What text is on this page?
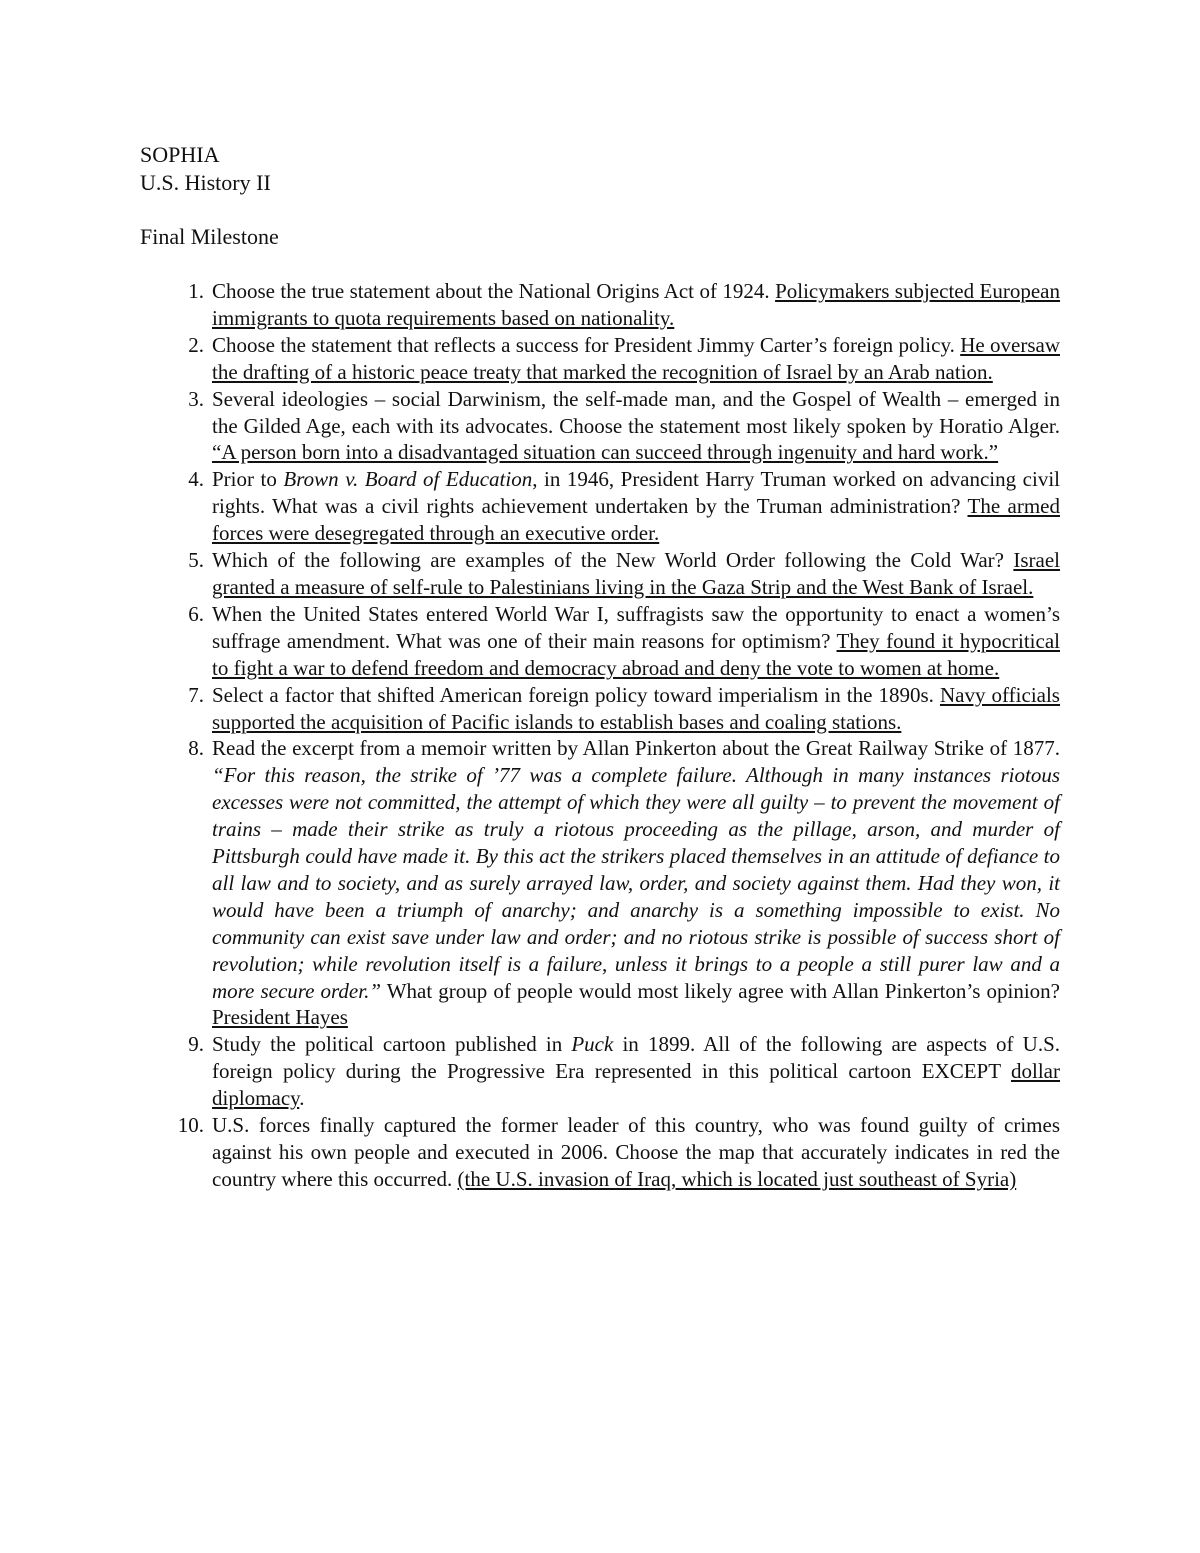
SOPHIA
U.S. History II
Final Milestone
1. Choose the true statement about the National Origins Act of 1924. Policymakers subjected European immigrants to quota requirements based on nationality.
2. Choose the statement that reflects a success for President Jimmy Carter’s foreign policy. He oversaw the drafting of a historic peace treaty that marked the recognition of Israel by an Arab nation.
3. Several ideologies – social Darwinism, the self-made man, and the Gospel of Wealth – emerged in the Gilded Age, each with its advocates. Choose the statement most likely spoken by Horatio Alger. “A person born into a disadvantaged situation can succeed through ingenuity and hard work.”
4. Prior to Brown v. Board of Education, in 1946, President Harry Truman worked on advancing civil rights. What was a civil rights achievement undertaken by the Truman administration? The armed forces were desegregated through an executive order.
5. Which of the following are examples of the New World Order following the Cold War? Israel granted a measure of self-rule to Palestinians living in the Gaza Strip and the West Bank of Israel.
6. When the United States entered World War I, suffragists saw the opportunity to enact a women’s suffrage amendment. What was one of their main reasons for optimism? They found it hypocritical to fight a war to defend freedom and democracy abroad and deny the vote to women at home.
7. Select a factor that shifted American foreign policy toward imperialism in the 1890s. Navy officials supported the acquisition of Pacific islands to establish bases and coaling stations.
8. Read the excerpt from a memoir written by Allan Pinkerton about the Great Railway Strike of 1877. “For this reason, the strike of ’77 was a complete failure. Although in many instances riotous excesses were not committed, the attempt of which they were all guilty – to prevent the movement of trains – made their strike as truly a riotous proceeding as the pillage, arson, and murder of Pittsburgh could have made it. By this act the strikers placed themselves in an attitude of defiance to all law and to society, and as surely arrayed law, order, and society against them. Had they won, it would have been a triumph of anarchy; and anarchy is a something impossible to exist. No community can exist save under law and order; and no riotous strike is possible of success short of revolution; while revolution itself is a failure, unless it brings to a people a still purer law and a more secure order.” What group of people would most likely agree with Allan Pinkerton’s opinion? President Hayes
9. Study the political cartoon published in Puck in 1899. All of the following are aspects of U.S. foreign policy during the Progressive Era represented in this political cartoon EXCEPT dollar diplomacy.
10. U.S. forces finally captured the former leader of this country, who was found guilty of crimes against his own people and executed in 2006. Choose the map that accurately indicates in red the country where this occurred. (the U.S. invasion of Iraq, which is located just southeast of Syria)
